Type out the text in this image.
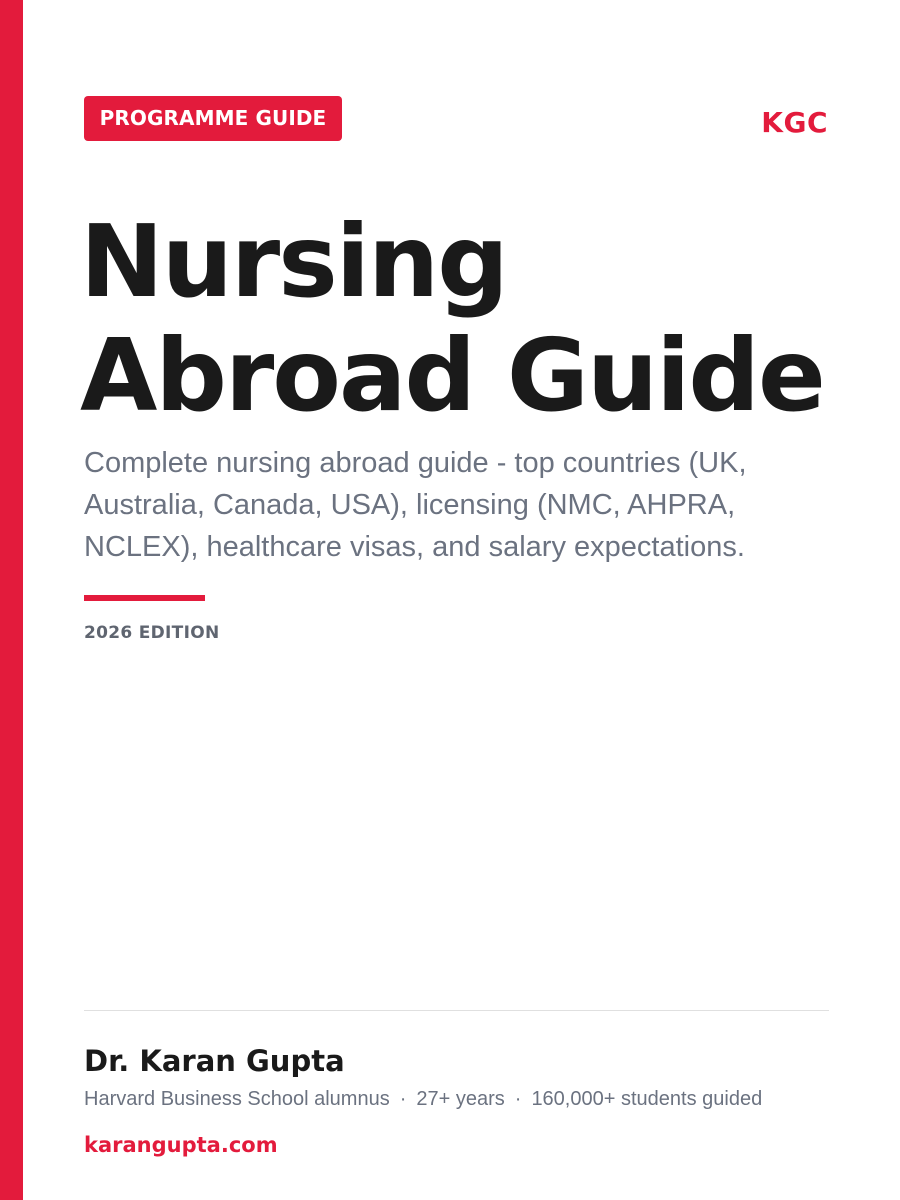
PROGRAMME GUIDE	KGC
Nursing
Abroad Guide

Complete nursing abroad guide - top countries (UK, Australia, Canada, USA), licensing (NMC, AHPRA, NCLEX), healthcare visas, and salary expectations.

2026 EDITION
Dr. Karan Gupta
Harvard Business School alumnus · 27+ years · 160,000+ students guided
karangupta.com
